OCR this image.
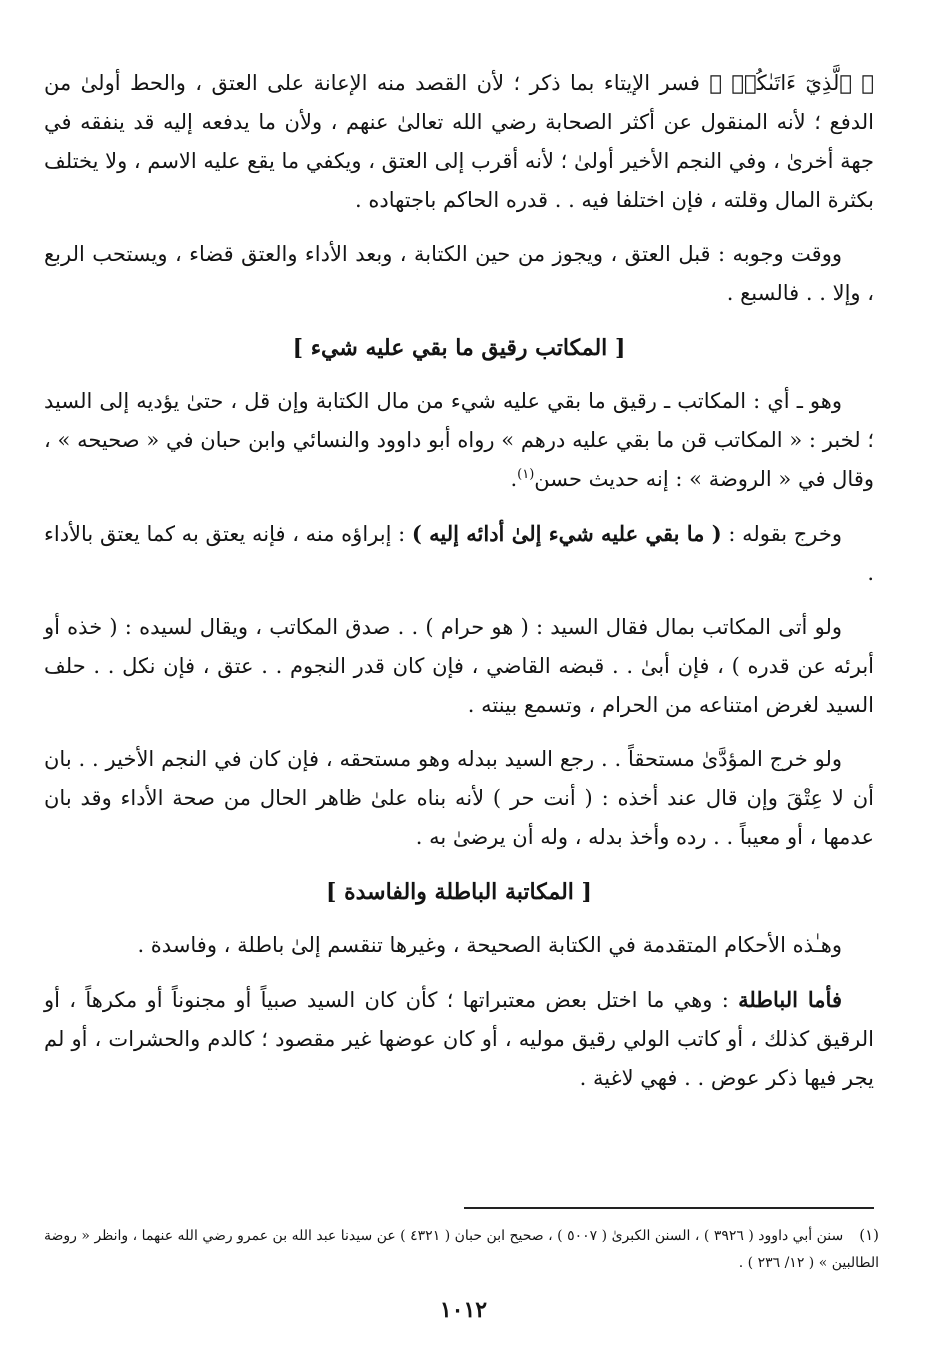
﴿ ٱلَّذِيٓ ءَاتَىٰكُمۡ ﴾ فسر الإيتاء بما ذكر ؛ لأن القصد منه الإعانة على العتق ، والحط أولىٰ من الدفع ؛ لأنه المنقول عن أكثر الصحابة رضي الله تعالىٰ عنهم ، ولأن ما يدفعه إليه قد ينفقه في جهة أخرىٰ ، وفي النجم الأخير أولىٰ ؛ لأنه أقرب إلى العتق ، ويكفي ما يقع عليه الاسم ، ولا يختلف بكثرة المال وقلته ، فإن اختلفا فيه . . قدره الحاكم باجتهاده .

ووقت وجوبه : قبل العتق ، ويجوز من حين الكتابة ، وبعد الأداء والعتق قضاء ، ويستحب الربع ، وإلا . . فالسبع .

[ المكاتب رقيق ما بقي عليه شيء ]

وهو ـ أي : المكاتب ـ رقيق ما بقي عليه شيء من مال الكتابة وإن قل ، حتىٰ يؤديه إلى السيد ؛ لخبر : « المكاتب قن ما بقي عليه درهم » رواه أبو داوود والنسائي وابن حبان في « صحيحه » ، وقال في « الروضة » : إنه حديث حسن$^{(١)}$.

وخرج بقوله : ( ما بقي عليه شيء إلىٰ أدائه إليه ) : إبراؤه منه ، فإنه يعتق به كما يعتق بالأداء .

ولو أتى المكاتب بمال فقال السيد : ( هو حرام ) . . صدق المكاتب ، ويقال لسيده : ( خذه أو أبرئه عن قدره ) ، فإن أبىٰ . . قبضه القاضي ، فإن كان قدر النجوم . . عتق ، فإن نكل . . حلف السيد لغرض امتناعه من الحرام ، وتسمع بينته .

ولو خرج المؤدَّىٰ مستحقاً . . رجع السيد ببدله وهو مستحقه ، فإن كان في النجم الأخير . . بان أن لا عِتْقَ وإن قال عند أخذه : ( أنت حر ) لأنه بناه علىٰ ظاهر الحال من صحة الأداء وقد بان عدمها ، أو معيباً . . رده وأخذ بدله ، وله أن يرضىٰ به .

[ المكاتبة الباطلة والفاسدة ]

وهـٰذه الأحكام المتقدمة في الكتابة الصحيحة ، وغيرها تنقسم إلىٰ باطلة ، وفاسدة .

فأما الباطلة : وهي ما اختل بعض معتبراتها ؛ كأن كان السيد صبياً أو مجنوناً أو مكرهاً ، أو الرقيق كذلك ، أو كاتب الولي رقيق موليه ، أو كان عوضها غير مقصود ؛ كالدم والحشرات ، أو لم يجر فيها ذكر عوض . . فهي لاغية .

(١)سنن أبي داوود ( ٣٩٢٦ ) ، السنن الكبرىٰ ( ٥٠٠٧ ) ، صحيح ابن حبان ( ٤٣٢١ ) عن سيدنا عبد الله بن عمرو رضي الله عنهما ، وانظر « روضة الطالبين » ( ١٢/ ٢٣٦ ) .
١٠١٢
